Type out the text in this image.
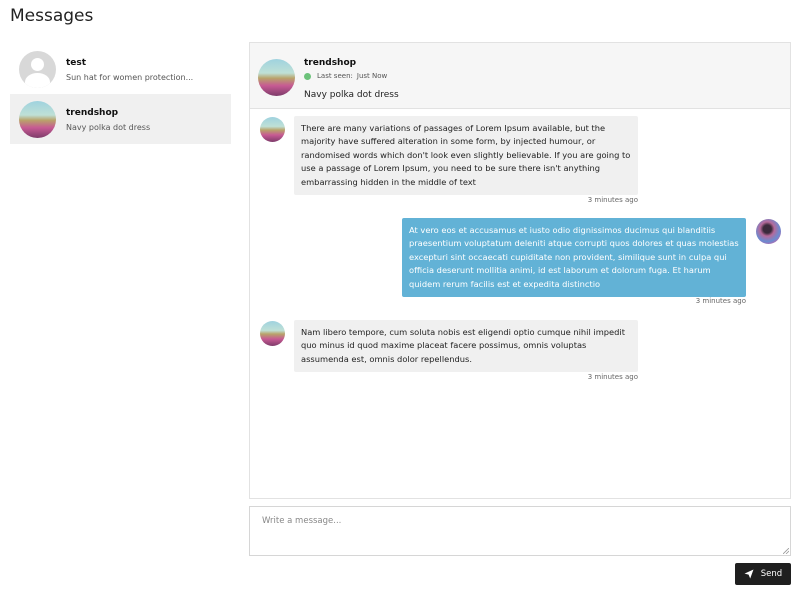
Messages
test
Sun hat for women protection...
trendshop
Navy polka dot dress
trendshop
Last seen: Just Now
Navy polka dot dress
There are many variations of passages of Lorem Ipsum available, but the majority have suffered alteration in some form, by injected humour, or randomised words which don't look even slightly believable. If you are going to use a passage of Lorem Ipsum, you need to be sure there isn't anything embarrassing hidden in the middle of text
3 minutes ago
At vero eos et accusamus et iusto odio dignissimos ducimus qui blanditiis praesentium voluptatum deleniti atque corrupti quos dolores et quas molestias excepturi sint occaecati cupiditate non provident, similique sunt in culpa qui officia deserunt mollitia animi, id est laborum et dolorum fuga. Et harum quidem rerum facilis est et expedita distinctio
3 minutes ago
Nam libero tempore, cum soluta nobis est eligendi optio cumque nihil impedit quo minus id quod maxime placeat facere possimus, omnis voluptas assumenda est, omnis dolor repellendus.
3 minutes ago
Write a message...
Send
